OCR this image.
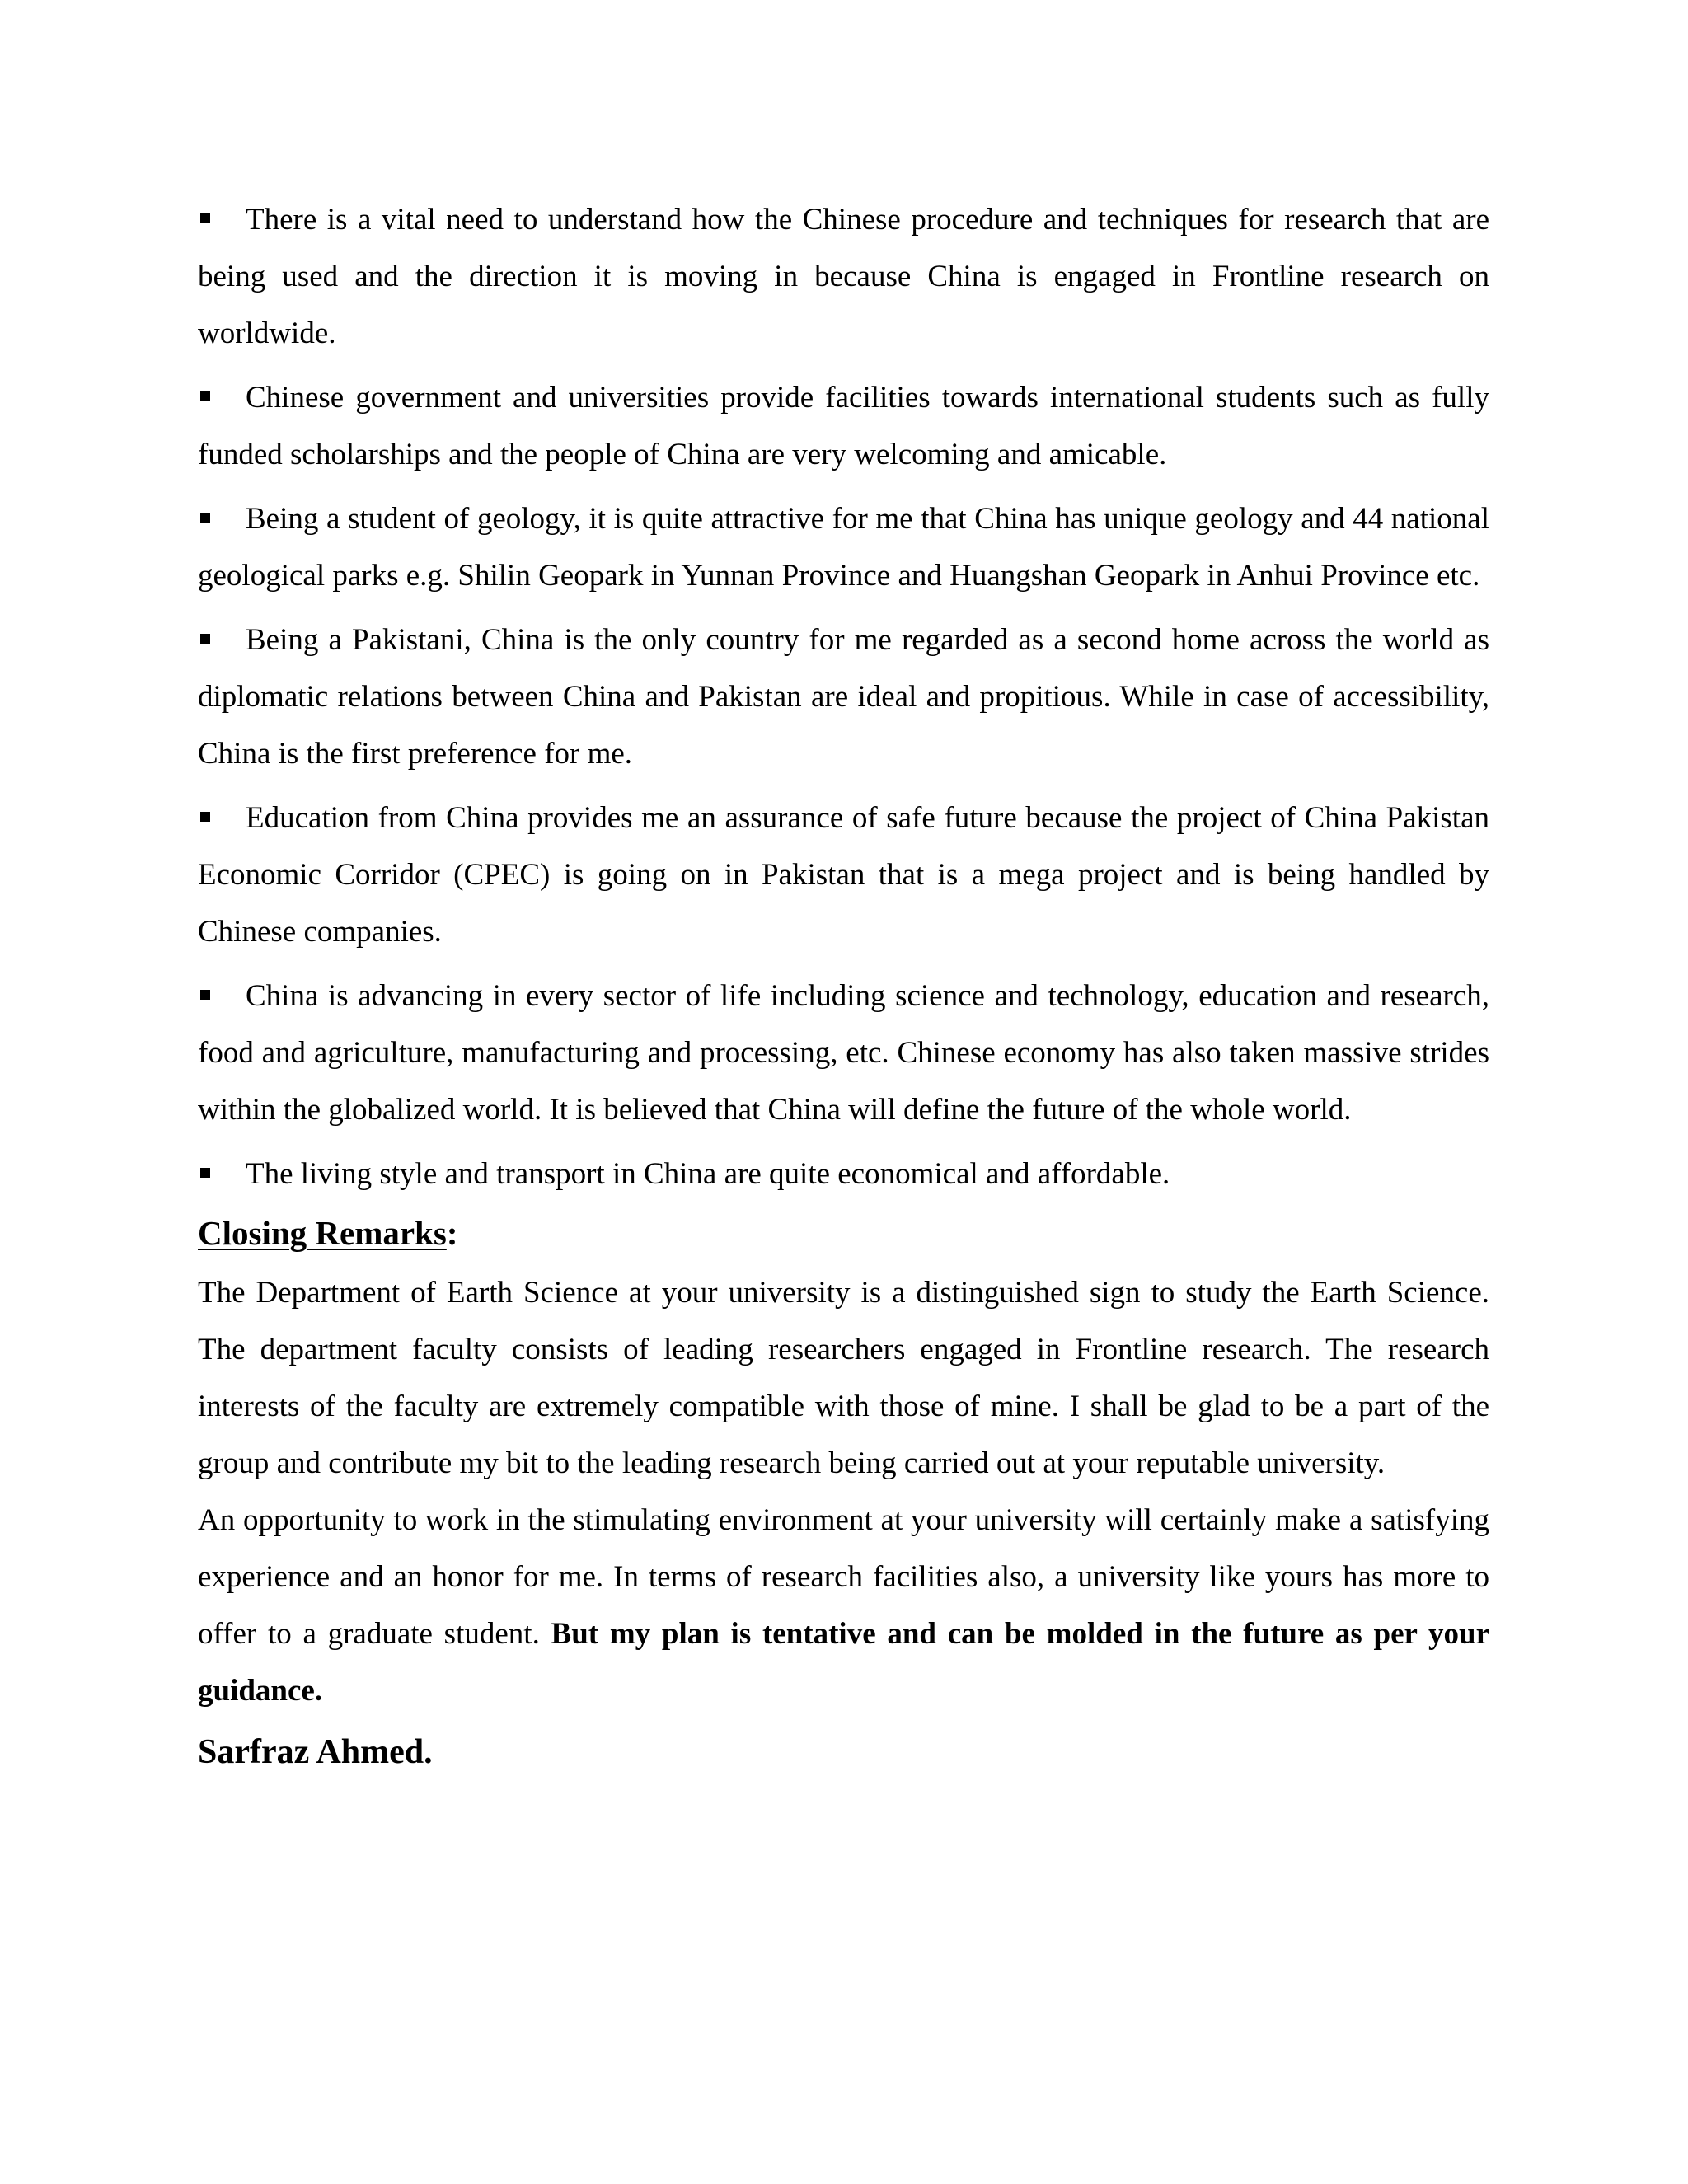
There is a vital need to understand how the Chinese procedure and techniques for research that are being used and the direction it is moving in because China is engaged in Frontline research on worldwide.
Chinese government and universities provide facilities towards international students such as fully funded scholarships and the people of China are very welcoming and amicable.
Being a student of geology, it is quite attractive for me that China has unique geology and 44 national geological parks e.g. Shilin Geopark in Yunnan Province and Huangshan Geopark in Anhui Province etc.
Being a Pakistani, China is the only country for me regarded as a second home across the world as diplomatic relations between China and Pakistan are ideal and propitious. While in case of accessibility, China is the first preference for me.
Education from China provides me an assurance of safe future because the project of China Pakistan Economic Corridor (CPEC) is going on in Pakistan that is a mega project and is being handled by Chinese companies.
China is advancing in every sector of life including science and technology, education and research, food and agriculture, manufacturing and processing, etc. Chinese economy has also taken massive strides within the globalized world. It is believed that China will define the future of the whole world.
The living style and transport in China are quite economical and affordable.
Closing Remarks:

The Department of Earth Science at your university is a distinguished sign to study the Earth Science. The department faculty consists of leading researchers engaged in Frontline research. The research interests of the faculty are extremely compatible with those of mine. I shall be glad to be a part of the group and contribute my bit to the leading research being carried out at your reputable university.

An opportunity to work in the stimulating environment at your university will certainly make a satisfying experience and an honor for me. In terms of research facilities also, a university like yours has more to offer to a graduate student. But my plan is tentative and can be molded in the future as per your guidance.

Sarfraz Ahmed.
